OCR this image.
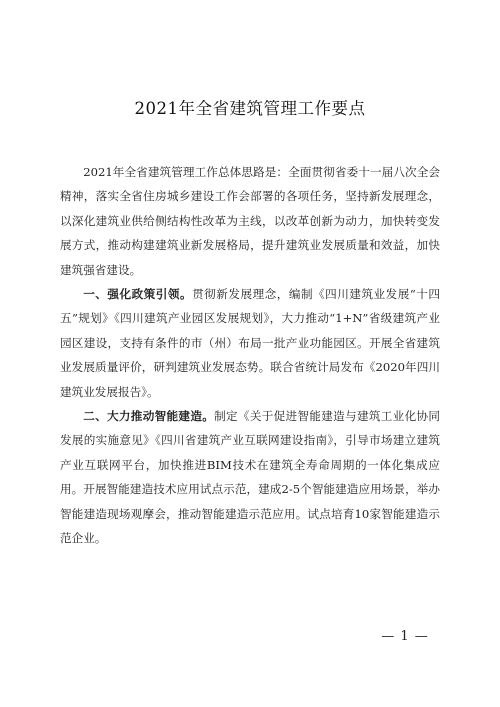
2021年全省建筑管理工作要点

2021年全省建筑管理工作总体思路是：全面贯彻省委十一届八次全会精神，落实全省住房城乡建设工作会部署的各项任务，坚持新发展理念，以深化建筑业供给侧结构性改革为主线，以改革创新为动力，加快转变发展方式，推动构建建筑业新发展格局，提升建筑业发展质量和效益，加快建筑强省建设。

一、强化政策引领。贯彻新发展理念，编制《四川建筑业发展“十四五”规划》《四川建筑产业园区发展规划》，大力推动“1+N”省级建筑产业园区建设，支持有条件的市（州）布局一批产业功能园区。开展全省建筑业发展质量评价，研判建筑业发展态势。联合省统计局发布《2020年四川建筑业发展报告》。

二、大力推动智能建造。制定《关于促进智能建造与建筑工业化协同发展的实施意见》《四川省建筑产业互联网建设指南》，引导市场建立建筑产业互联网平台，加快推进BIM技术在建筑全寿命周期的一体化集成应用。开展智能建造技术应用试点示范，建成2-5个智能建造应用场景，举办智能建造现场观摩会，推动智能建造示范应用。试点培育10家智能建造示范企业。

— 1 —
